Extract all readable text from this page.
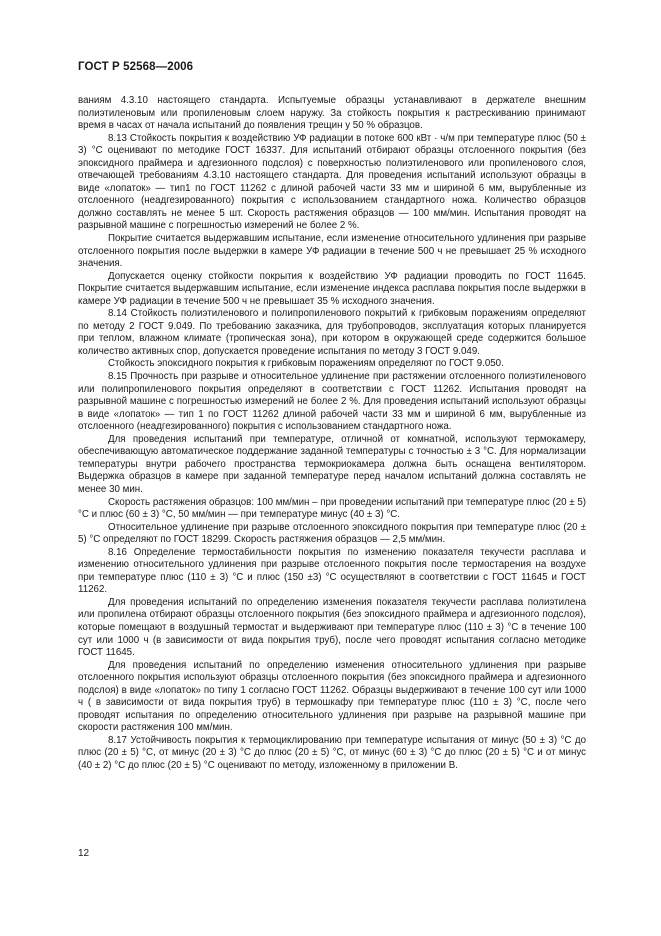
ГОСТ Р 52568—2006

ваниям 4.3.10 настоящего стандарта. Испытуемые образцы устанавливают в держателе внешним полиэтиленовым или пропиленовым слоем наружу. За стойкость покрытия к растрескиванию принимают время в часах от начала испытаний до появления трещин у 50 % образцов.

8.13 Стойкость покрытия к воздействию УФ радиации в потоке 600 кВт · ч/м при температуре плюс (50 ± 3) °С оценивают по методике ГОСТ 16337. Для испытаний отбирают образцы отслоенного покрытия (без эпоксидного праймера и адгезионного подслоя) с поверхностью полиэтиленового или пропиленового слоя, отвечающей требованиям 4.3.10 настоящего стандарта. Для проведения испытаний используют образцы в виде «лопаток» — тип1 по ГОСТ 11262 с длиной рабочей части 33 мм и шириной 6 мм, вырубленные из отслоенного (неадгезированного) покрытия с использованием стандартного ножа. Количество образцов должно составлять не менее 5 шт. Скорость растяжения образцов — 100 мм/мин. Испытания проводят на разрывной машине с погрешностью измерений не более 2 %.

Покрытие считается выдержавшим испытание, если изменение относительного удлинения при разрыве отслоенного покрытия после выдержки в камере УФ радиации в течение 500 ч не превышает 25 % исходного значения.

Допускается оценку стойкости покрытия к воздействию УФ радиации проводить по ГОСТ 11645. Покрытие считается выдержавшим испытание, если изменение индекса расплава покрытия после выдержки в камере УФ радиации в течение 500 ч не превышает 35 % исходного значения.

8.14 Стойкость полиэтиленового и полипропиленового покрытий к грибковым поражениям определяют по методу 2 ГОСТ 9.049. По требованию заказчика, для трубопроводов, эксплуатация которых планируется при теплом, влажном климате (тропическая зона), при котором в окружающей среде содержится большое количество активных спор, допускается проведение испытания по методу 3 ГОСТ 9.049.

Стойкость эпоксидного покрытия к грибковым поражениям определяют по ГОСТ 9.050.

8.15 Прочность при разрыве и относительное удлинение при растяжении отслоенного полиэтиленового или полипропиленового покрытия определяют в соответствии с ГОСТ 11262. Испытания проводят на разрывной машине с погрешностью измерений не более 2 %. Для проведения испытаний используют образцы в виде «лопаток» — тип 1 по ГОСТ 11262 длиной рабочей части 33 мм и шириной 6 мм, вырубленные из отслоенного (неадгезированного) покрытия с использованием стандартного ножа.

Для проведения испытаний при температуре, отличной от комнатной, используют термокамеру, обеспечивающую автоматическое поддержание заданной температуры с точностью ± 3 °С. Для нормализации температуры внутри рабочего пространства термокриокамера должна быть оснащена вентилятором. Выдержка образцов в камере при заданной температуре перед началом испытаний должна составлять не менее 30 мин.

Скорость растяжения образцов: 100 мм/мин – при проведении испытаний при температуре плюс (20 ± 5) °С и плюс (60 ± 3) °С, 50 мм/мин — при температуре минус (40 ± 3) °С.

Относительное удлинение при разрыве отслоенного эпоксидного покрытия при температуре плюс (20 ± 5) °С определяют по ГОСТ 18299. Скорость растяжения образцов — 2,5 мм/мин.

8.16 Определение термостабильности покрытия по изменению показателя текучести расплава и изменению относительного удлинения при разрыве отслоенного покрытия после термостарения на воздухе при температуре плюс (110 ± 3) °С и плюс (150 ±3) °С осуществляют в соответствии с ГОСТ 11645 и ГОСТ 11262.

Для проведения испытаний по определению изменения показателя текучести расплава полиэтилена или пропилена отбирают образцы отслоенного покрытия (без эпоксидного праймера и адгезионного подслоя), которые помещают в воздушный термостат и выдерживают при температуре плюс (110 ± 3) °С в течение 100 сут или 1000 ч (в зависимости от вида покрытия труб), после чего проводят испытания согласно методике ГОСТ 11645.

Для проведения испытаний по определению изменения относительного удлинения при разрыве отслоенного покрытия используют образцы отслоенного покрытия (без эпоксидного праймера и адгезионного подслоя) в виде «лопаток» по типу 1 согласно ГОСТ 11262. Образцы выдерживают в течение 100 сут или 1000 ч ( в зависимости от вида покрытия труб) в термошкафу при температуре плюс (110 ± 3) °С, после чего проводят испытания по определению относительного удлинения при разрыве на разрывной машине при скорости растяжения 100 мм/мин.

8.17 Устойчивость покрытия к термоциклированию при температуре испытания от минус (50 ± 3) °С до плюс (20 ± 5) °С, от минус (20 ± 3) °С до плюс (20 ± 5) °С, от минус (60 ± 3) °С до плюс (20 ± 5) °С и от минус (40 ± 2) °С до плюс (20 ± 5) °С оценивают по методу, изложенному в приложении В.

12
